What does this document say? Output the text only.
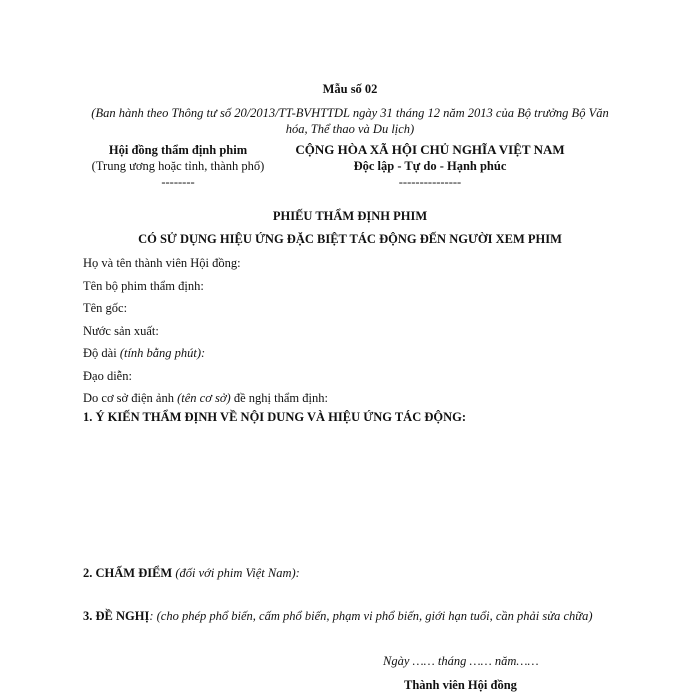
Mẫu số 02
(Ban hành theo Thông tư số 20/2013/TT-BVHTTDL ngày 31 tháng 12 năm 2013 của Bộ trưởng Bộ Văn hóa, Thể thao và Du lịch)
Hội đồng thẩm định phim
(Trung ương hoặc tỉnh, thành phố)
--------
CỘNG HÒA XÃ HỘI CHỦ NGHĨA VIỆT NAM
Độc lập - Tự do - Hạnh phúc
---------------
PHIẾU THẨM ĐỊNH PHIM
CÓ SỬ DỤNG HIỆU ỨNG ĐẶC BIỆT TÁC ĐỘNG ĐẾN NGƯỜI XEM PHIM
Họ và tên thành viên Hội đồng:
Tên bộ phim thẩm định:
Tên gốc:
Nước sản xuất:
Độ dài (tính bằng phút):
Đạo diễn:
Do cơ sở điện ảnh (tên cơ sở) đề nghị thẩm định:
1. Ý KIẾN THẨM ĐỊNH VỀ NỘI DUNG VÀ HIỆU ỨNG TÁC ĐỘNG:
2. CHẤM ĐIỂM (đối với phim Việt Nam):
3. ĐỀ NGHỊ: (cho phép phổ biến, cấm phổ biến, phạm vi phổ biến, giới hạn tuổi, cần phải sửa chữa)
Ngày …… tháng …… năm……
Thành viên Hội đồng
